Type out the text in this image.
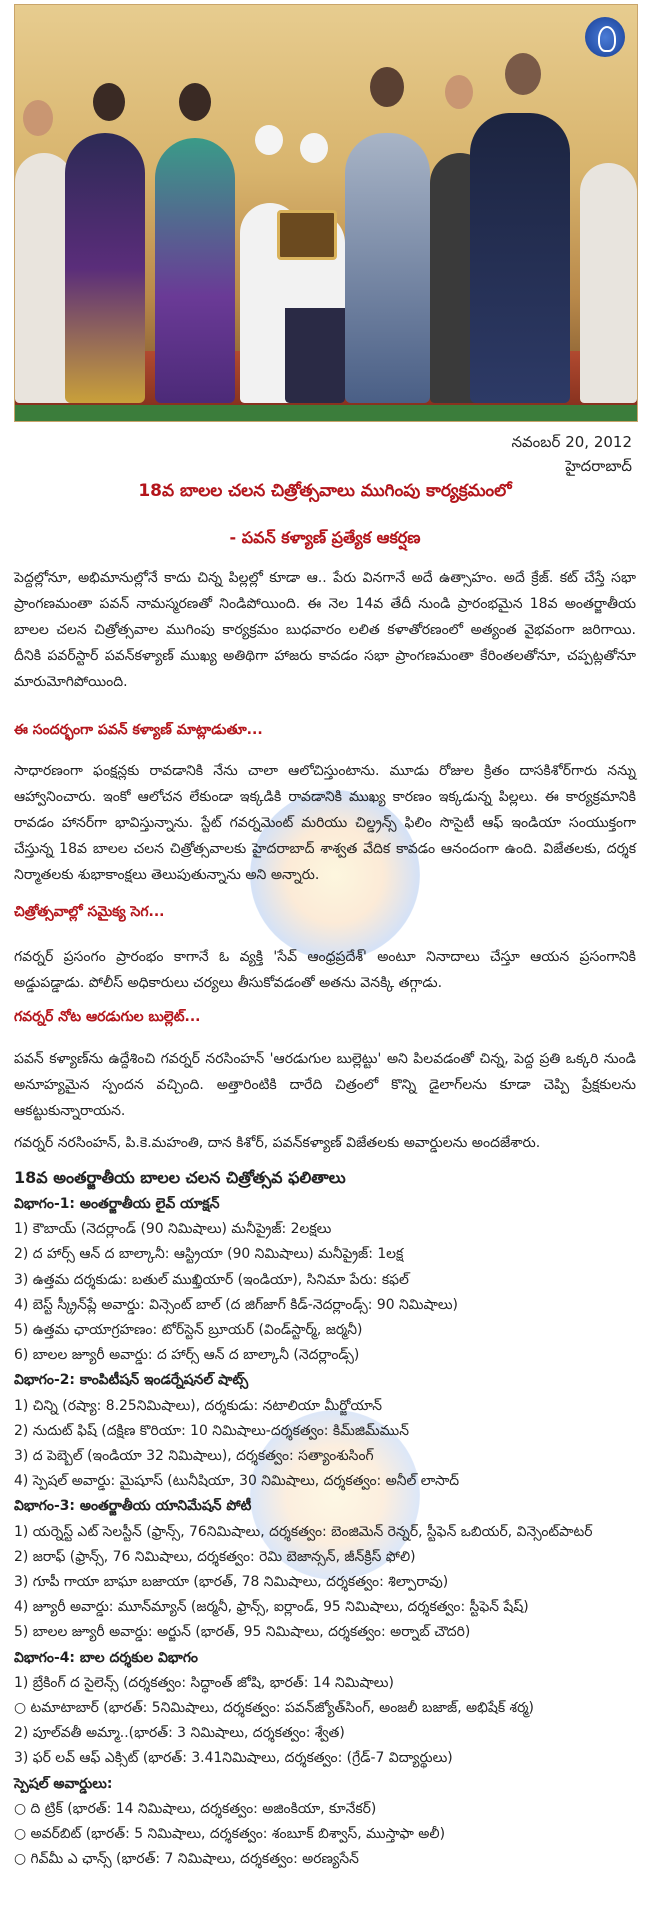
నవంబర్ 20, 2012
హైదరాబాద్
18వ బాలల చలన చిత్రోత్సవాలు ముగింపు కార్యక్రమంలో
- పవన్ కళ్యాణ్ ప్రత్యేక ఆకర్షణ
పెద్దల్లోనూ, అభిమానుల్లోనే కాదు చిన్న పిల్లల్లో కూడా ఆ.. పేరు వినగానే అదే ఉత్సాహం. అదే క్రేజ్. కట్ చేస్తే సభా ప్రాంగణమంతా పవన్ నామస్మరణతో నిండిపోయింది. ఈ నెల 14వ తేదీ నుండి ప్రారంభమైన 18వ అంతర్జాతీయ బాలల చలన చిత్రోత్సవాల ముగింపు కార్యక్రమం బుధవారం లలిత కళాతోరణంలో అత్యంత వైభవంగా జరిగాయి. దీనికి పవర్‌స్టార్ పవన్‌కళ్యాణ్ ముఖ్య అతిథిగా హాజరు కావడం సభా ప్రాంగణమంతా కేరింతలతోనూ, చప్పట్లతోనూ మారుమోగిపోయింది.
ఈ సందర్భంగా పవన్ కళ్యాణ్ మాట్లాడుతూ...
సాధారణంగా ఫంక్షన్లకు రావడానికి నేను చాలా ఆలోచిస్తుంటాను. మూడు రోజుల క్రితం దాసకిశోర్‌గారు నన్ను ఆహ్వానించారు. ఇంకో ఆలోచన లేకుండా ఇక్కడికి రావడానికి ముఖ్య కారణం ఇక్కడున్న పిల్లలు. ఈ కార్యక్రమానికి రావడం హానర్‌గా భావిస్తున్నాను. స్టేట్ గవర్నమెంట్ మరియు చిల్డ్రన్స్ ఫిలిం సొసైటీ ఆఫ్ ఇండియా సంయుక్తంగా చేస్తున్న 18వ బాలల చలన చిత్రోత్సవాలకు హైదరాబాద్ శాశ్వత వేదిక కావడం ఆనందంగా ఉంది. విజేతలకు, దర్శక నిర్మాతలకు శుభాకాంక్షలు తెలుపుతున్నాను అని అన్నారు.
చిత్రోత్సవాల్లో సమైక్య సెగ...
గవర్నర్ ప్రసంగం ప్రారంభం కాగానే ఓ వ్యక్తి 'సేవ్ ఆంధ్రప్రదేశ్' అంటూ నినాదాలు చేస్తూ ఆయన ప్రసంగానికి అడ్డుపడ్డాడు. పోలీస్ అధికారులు చర్యలు తీసుకోవడంతో అతను వెనక్కి తగ్గాడు.
గవర్నర్ నోట ఆరడుగుల బుల్లెట్...
పవన్ కళ్యాణ్‌ను ఉద్దేశించి గవర్నర్ నరసింహన్ 'ఆరడుగుల బుల్లెట్టు' అని పిలవడంతో చిన్న, పెద్ద ప్రతి ఒక్కరి నుండి అనూహ్యమైన స్పందన వచ్చింది. అత్తారింటికి దారేది చిత్రంలో కొన్ని డైలాగ్‌లను కూడా చెప్పి ప్రేక్షకులను ఆకట్టుకున్నారాయన.
గవర్నర్ నరసింహన్, పి.కె.మహంతి, దాన కిశోర్, పవన్‌కళ్యాణ్ విజేతలకు అవార్డులను అందజేశారు.
18వ అంతర్జాతీయ బాలల చలన చిత్రోత్సవ ఫలితాలు
విభాగం-1: అంతర్జాతీయ లైవ్ యాక్షన్
1) కౌబాయ్ (నెదర్లాండ్ (90 నిమిషాలు) మనీప్రైజ్: 2లక్షలు
2) ద హార్స్ ఆన్ ద బాల్కానీ: ఆస్ట్రియా (90 నిమిషాలు) మనీప్రైజ్: 1లక్ష
3) ఉత్తమ దర్శకుడు: బతుల్ ముఖ్తియార్ (ఇండియా), సినిమా పేరు: కఫల్
4) బెస్ట్ స్క్రీన్‌ప్లే అవార్డు: విన్సెంట్ బాల్ (ద జిగ్‌జాగ్ కిడ్-నెదర్లాండ్స్: 90 నిమిషాలు)
5) ఉత్తమ ఛాయాగ్రహణం: టోర్‌స్టెన్ బ్రూయర్ (విండ్‌స్టార్మ్, జర్మనీ)
6) బాలల జ్యూరీ అవార్డు: ద హార్స్ ఆన్ ద బాల్కానీ (నెదర్లాండ్స్)
విభాగం-2: కాంపిటీషన్ ఇండర్నేషనల్ షాట్స్
1) చిన్ని (రష్యా: 8.25నిమిషాలు), దర్శకుడు: నటాలియా మీర్జోయాన్
2) నుదుట్ ఫిష్ (దక్షిణ కొరియా: 10 నిమిషాలు-దర్శకత్వం: కిమ్‌జిమ్‌మున్
3) ద పెబ్బెల్ (ఇండియా 32 నిమిషాలు), దర్శకత్వం: సత్యాంశుసింగ్
4) స్పెషల్ అవార్డు: మైషూస్ (టునీషియా, 30 నిమిషాలు, దర్శకత్వం: అనీల్ లాసాద్
విభాగం-3: అంతర్జాతీయ యానిమేషన్ పోటీ
1) యర్నెస్ట్ ఎట్ సెలస్టీన్ (ఫ్రాన్స్, 76నిమిషాలు, దర్శకత్వం: బెంజిమెన్ రెన్నర్, స్టీఫెన్ ఒబియర్, విన్సెంట్‌పాటర్
2) జరాఫ్ (ఫ్రాన్స్, 76 నిమిషాలు, దర్శకత్వం: రెమి బెజాన్సన్, జీన్‌క్రిస్ ఫోలి)
3) గూపీ గాయా బాఘా బజాయా (భారత్, 78 నిమిషాలు, దర్శకత్వం: శిల్పారావు)
4) జ్యూరీ అవార్డు: మూన్‌మ్యాన్ (జర్మనీ, ఫ్రాన్స్, ఐర్లాండ్, 95 నిమిషాలు, దర్శకత్వం: స్టీఫెన్ షేష్)
5) బాలల జ్యూరీ అవార్డు: అర్జున్ (భారత్, 95 నిమిషాలు, దర్శకత్వం: అర్నాబ్ చౌదరి)
విభాగం-4: బాల దర్శకుల విభాగం
1) బ్రేకింగ్ ద సైలెన్స్ (దర్శకత్వం: సిద్ధాంత్ జోషి, భారత్: 14 నిమిషాలు)
○ టమాటాబార్ (భారత్: 5నిమిషాలు, దర్శకత్వం: పవన్‌జ్యోత్‌సింగ్, అంజలీ బజాజ్, అభిషేక్ శర్మ)
2) పూల్‌వతీ అమ్మా..(భారత్: 3 నిమిషాలు, దర్శకత్వం: శ్వేత)
3) ఫర్ లవ్ ఆఫ్ ఎక్సిట్ (భారత్: 3.41నిమిషాలు, దర్శకత్వం: (గ్రేడ్-7 విద్యార్థులు)
స్పెషల్ అవార్డులు:
○ ది ట్రిక్ (భారత్: 14 నిమిషాలు, దర్శకత్వం: అజింకియా, కూనేకర్)
○ అవర్‌బిట్ (భారత్: 5 నిమిషాలు, దర్శకత్వం: శంబూక్ బిశ్వాస్, ముస్తాఫా అలీ)
○ గివ్‌మీ ఎ ఛాన్స్ (భారత్: 7 నిమిషాలు, దర్శకత్వం: అరణ్యసేన్
